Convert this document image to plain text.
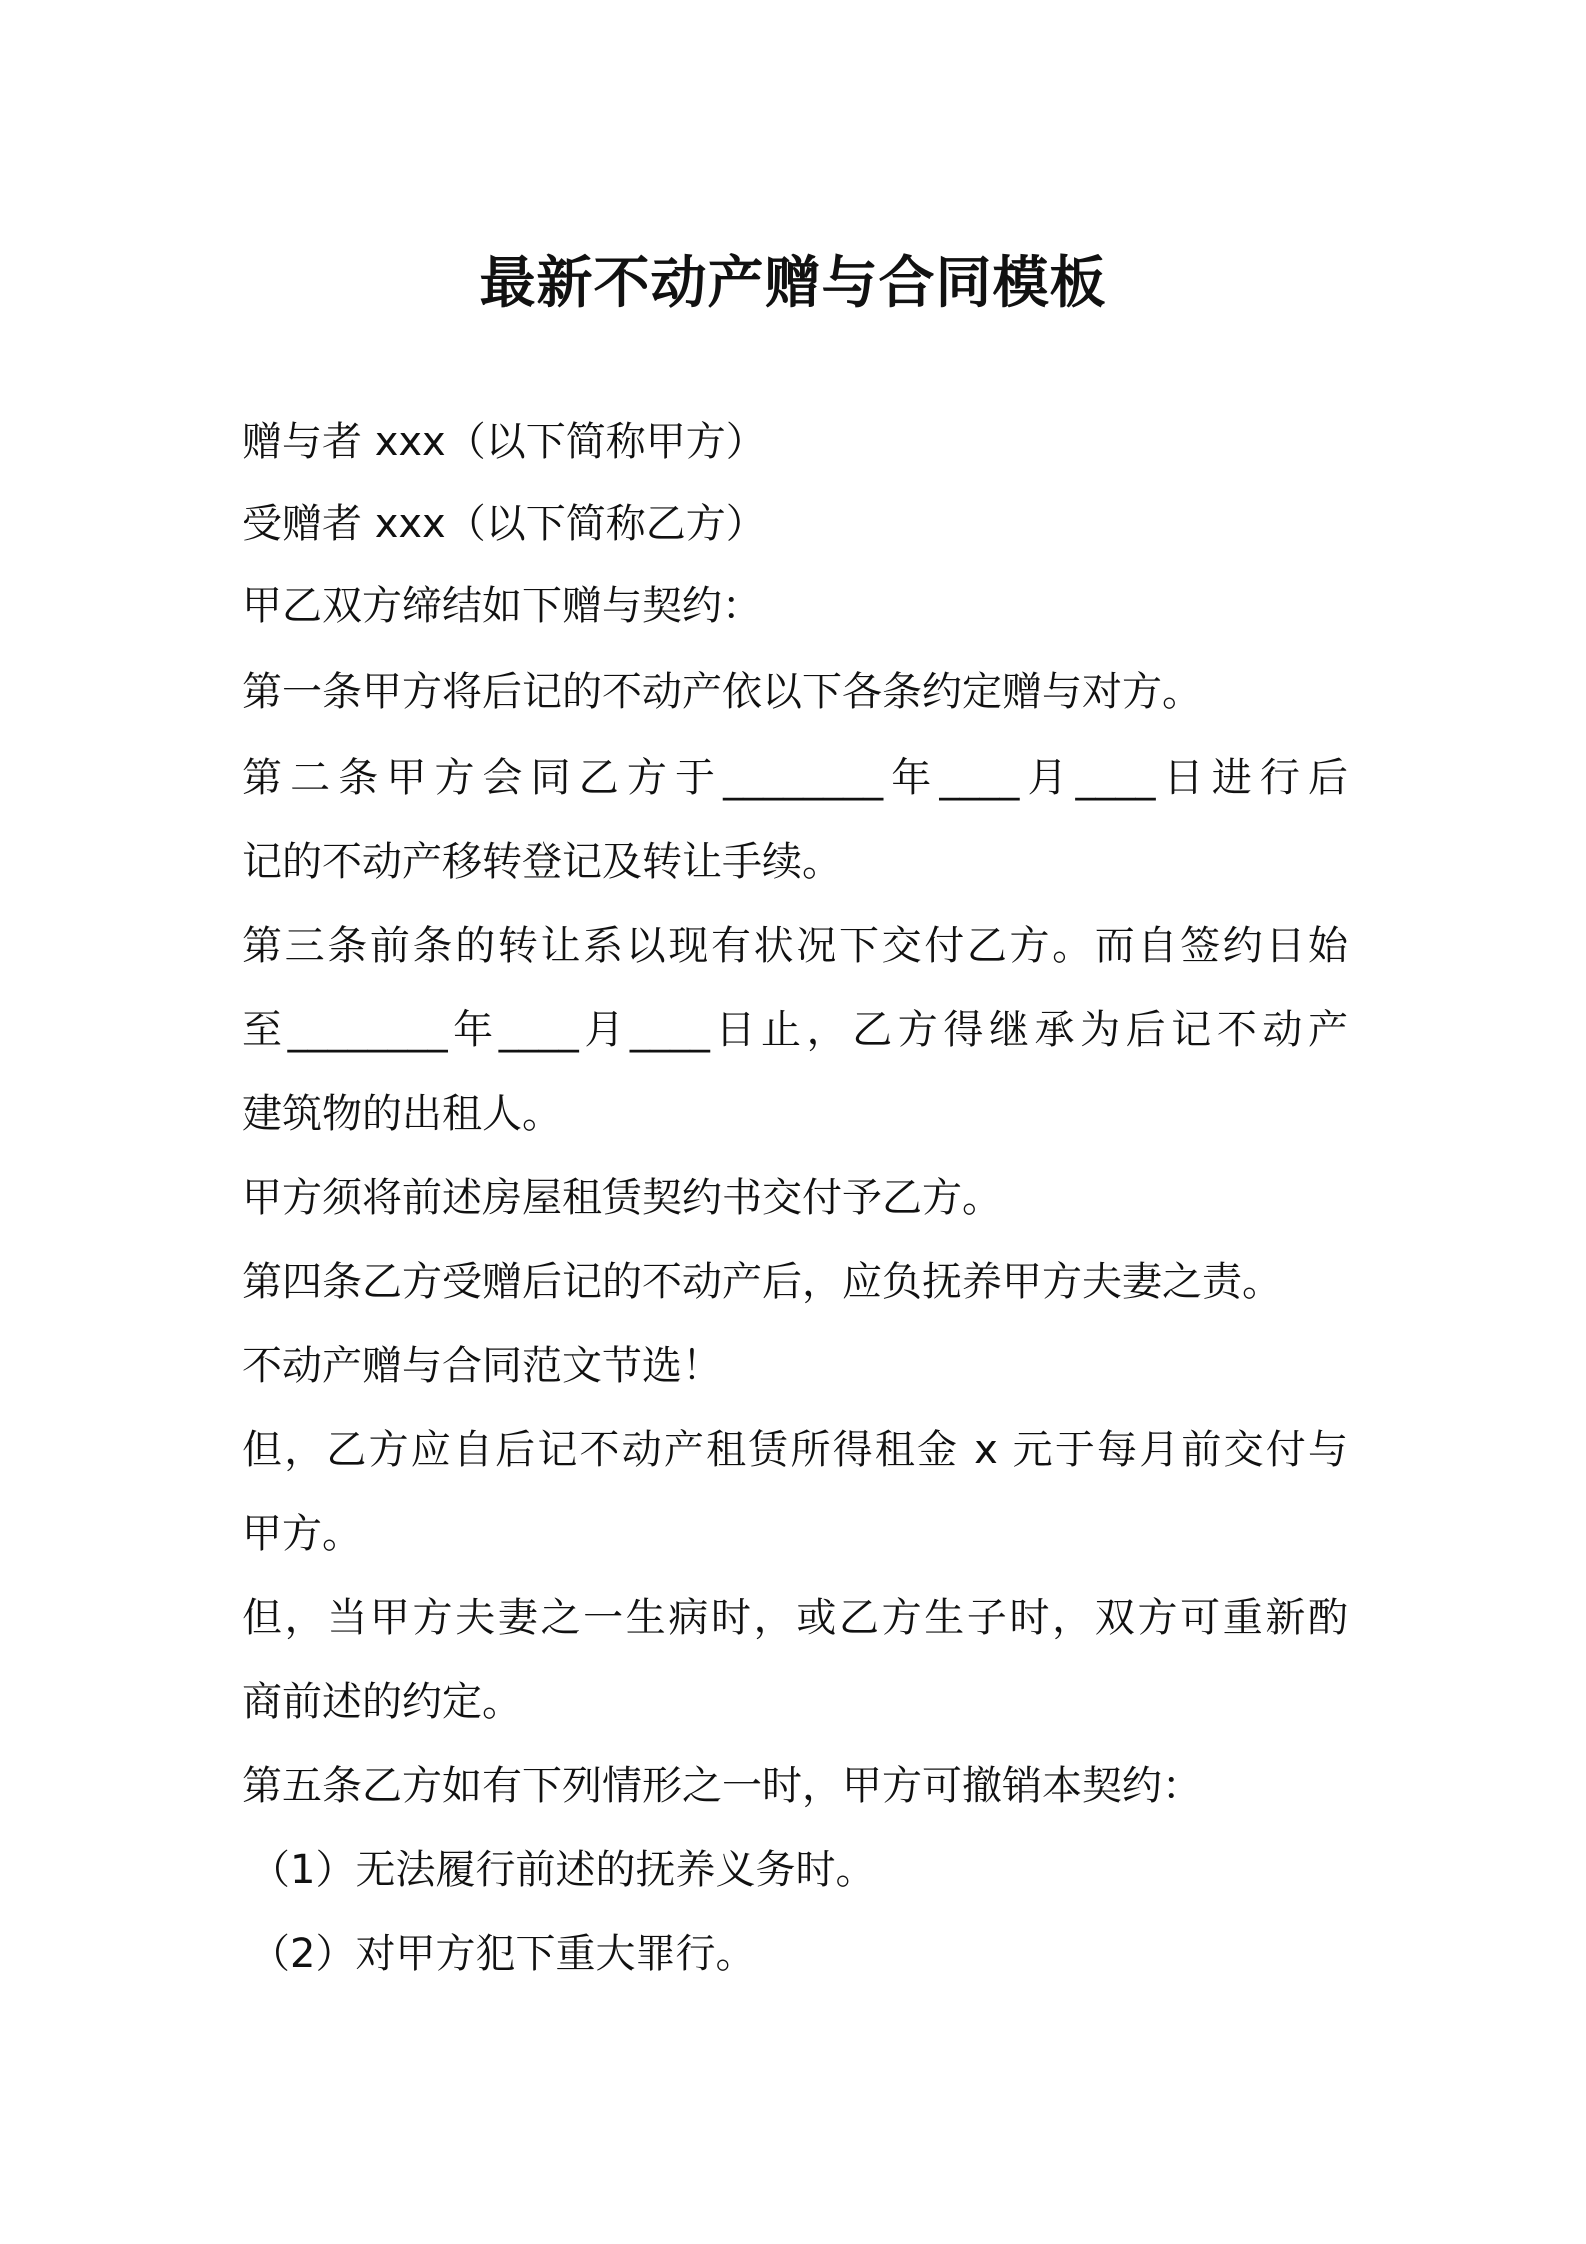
最新不动产赠与合同模板
赠与者 xxx（以下简称甲方）
受赠者 xxx（以下简称乙方）
甲乙双方缔结如下赠与契约：
第一条甲方将后记的不动产依以下各条约定赠与对方。
第二条甲方会同乙方于________年____月____日进行后
记的不动产移转登记及转让手续。
第三条前条的转让系以现有状况下交付乙方。而自签约日始
至________年____月____日止，乙方得继承为后记不动产
建筑物的出租人。
甲方须将前述房屋租赁契约书交付予乙方。
第四条乙方受赠后记的不动产后，应负抚养甲方夫妻之责。
不动产赠与合同范文节选！
但，乙方应自后记不动产租赁所得租金 x 元于每月前交付与
甲方。
但，当甲方夫妻之一生病时，或乙方生子时，双方可重新酌
商前述的约定。
第五条乙方如有下列情形之一时，甲方可撤销本契约：
（1）无法履行前述的抚养义务时。
（2）对甲方犯下重大罪行。
